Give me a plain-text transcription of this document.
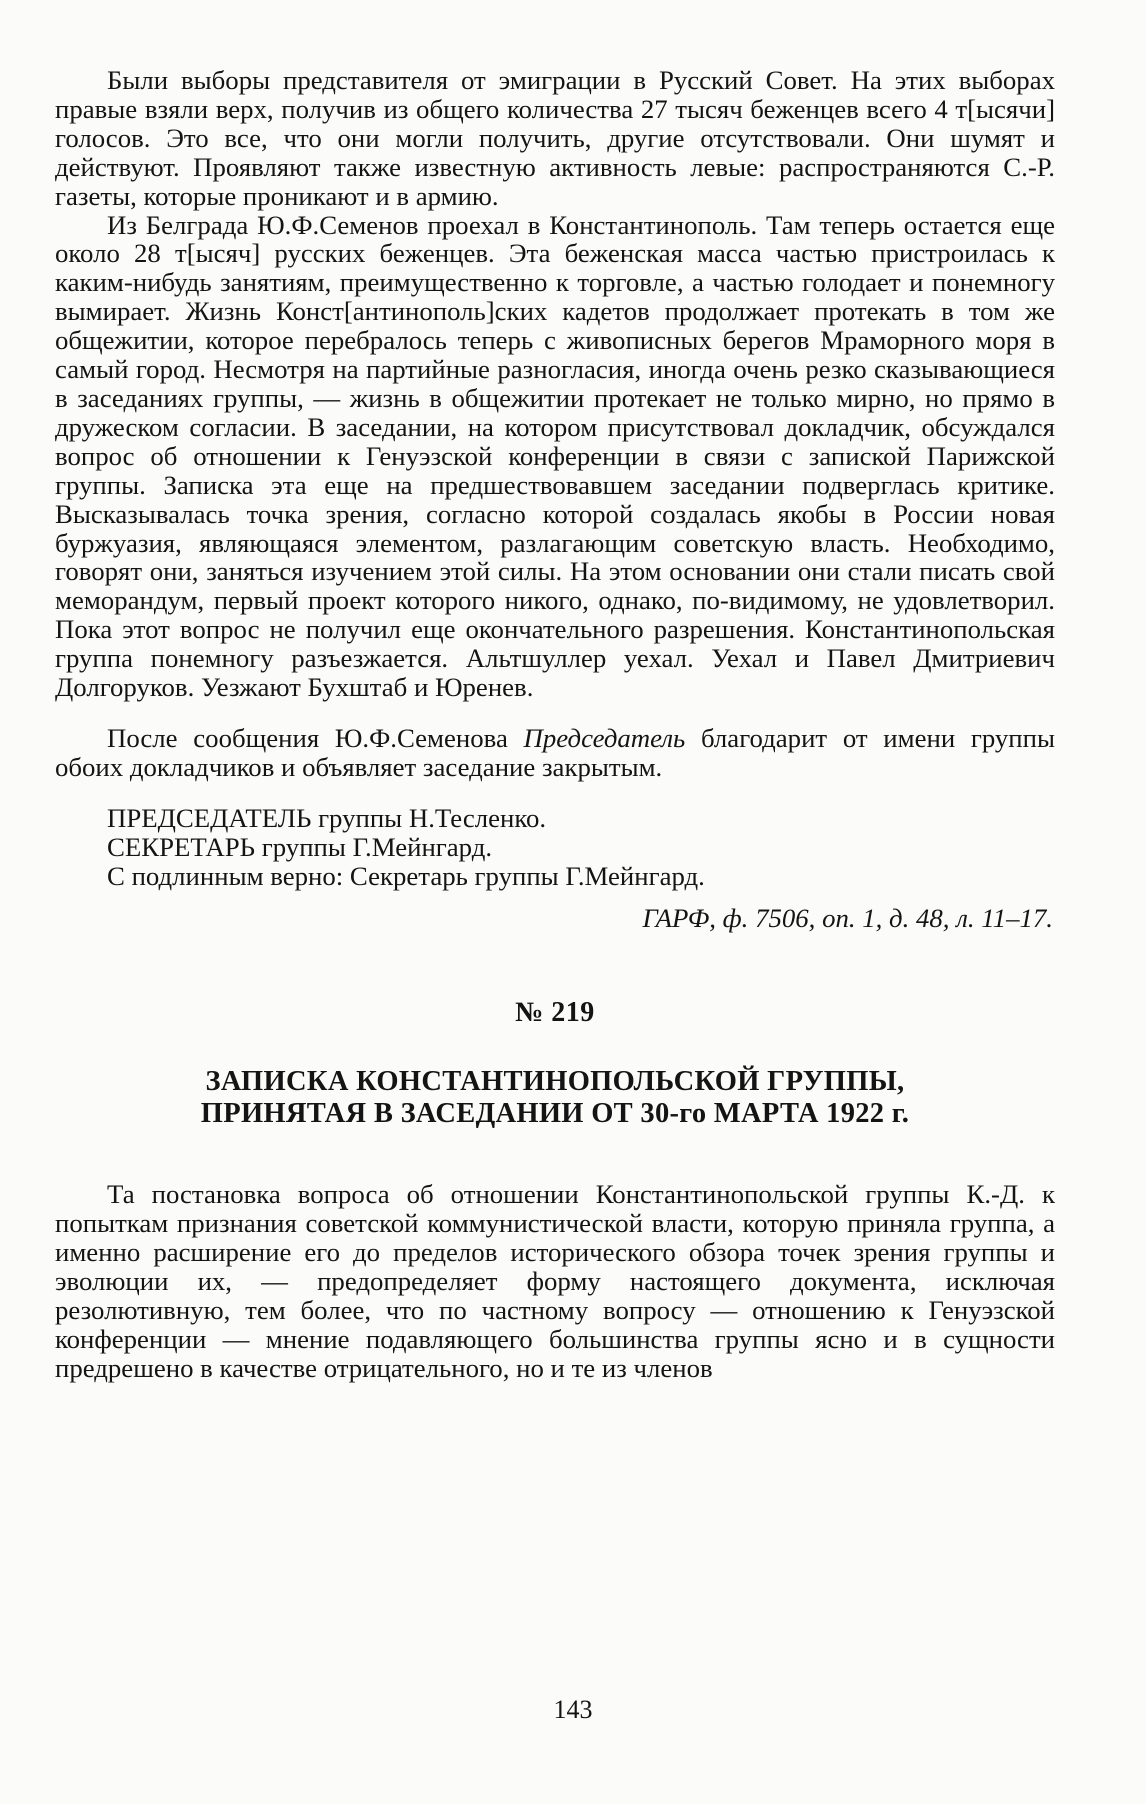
Были выборы представителя от эмиграции в Русский Совет. На этих выборах правые взяли верх, получив из общего количества 27 тысяч беженцев всего 4 т[ысячи] голосов. Это все, что они могли получить, другие отсутствовали. Они шумят и действуют. Проявляют также известную активность левые: распространяются С.-Р. газеты, которые проникают и в армию.

Из Белграда Ю.Ф.Семенов проехал в Константинополь. Там теперь остается еще около 28 т[ысяч] русских беженцев. Эта беженская масса частью пристроилась к каким-нибудь занятиям, преимущественно к торговле, а частью голодает и понемногу вымирает. Жизнь Конст[антинополь]ских кадетов продолжает протекать в том же общежитии, которое перебралось теперь с живописных берегов Мраморного моря в самый город. Несмотря на партийные разногласия, иногда очень резко сказывающиеся в заседаниях группы, — жизнь в общежитии протекает не только мирно, но прямо в дружеском согласии. В заседании, на котором присутствовал докладчик, обсуждался вопрос об отношении к Генуэзской конференции в связи с запиской Парижской группы. Записка эта еще на предшествовавшем заседании подверглась критике. Высказывалась точка зрения, согласно которой создалась якобы в России новая буржуазия, являющаяся элементом, разлагающим советскую власть. Необходимо, говорят они, заняться изучением этой силы. На этом основании они стали писать свой меморандум, первый проект которого никого, однако, по-видимому, не удовлетворил. Пока этот вопрос не получил еще окончательного разрешения. Константинопольская группа понемногу разъезжается. Альтшуллер уехал. Уехал и Павел Дмитриевич Долгоруков. Уезжают Бухштаб и Юренев.

После сообщения Ю.Ф.Семенова Председатель благодарит от имени группы обоих докладчиков и объявляет заседание закрытым.

ПРЕДСЕДАТЕЛЬ группы Н.Тесленко.

СЕКРЕТАРЬ группы Г.Мейнгард.

С подлинным верно: Секретарь группы Г.Мейнгард.

ГАРФ, ф. 7506, оп. 1, д. 48, л. 11–17.
№ 219
ЗАПИСКА КОНСТАНТИНОПОЛЬСКОЙ ГРУППЫ,
ПРИНЯТАЯ В ЗАСЕДАНИИ ОТ 30-го МАРТА 1922 г.

Та постановка вопроса об отношении Константинопольской группы К.-Д. к попыткам признания советской коммунистической власти, которую приняла группа, а именно расширение его до пределов исторического обзора точек зрения группы и эволюции их, — предопределяет форму настоящего документа, исключая резолютивную, тем более, что по частному вопросу — отношению к Генуэзской конференции — мнение подавляющего большинства группы ясно и в сущности предрешено в качестве отрицательного, но и те из членов

143
